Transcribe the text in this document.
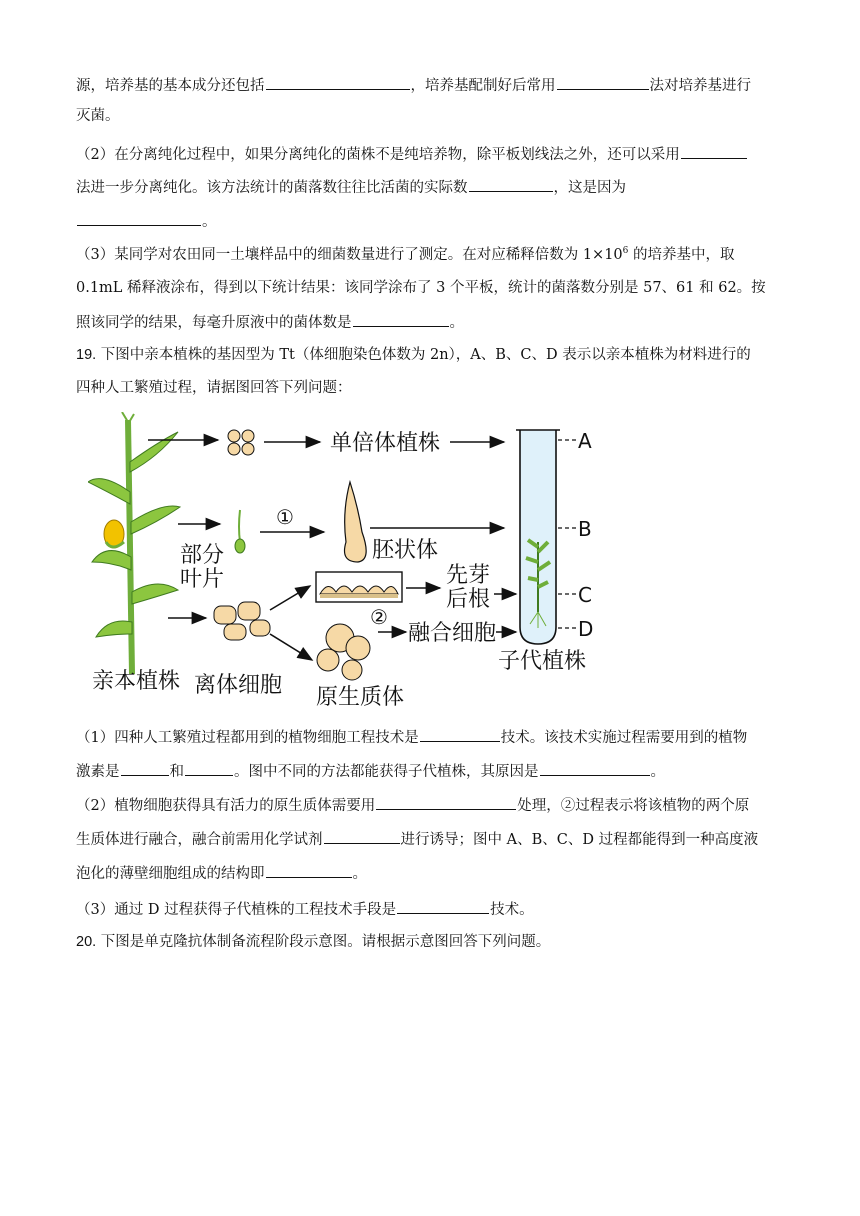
源，培养基的基本成分还包括	，培养基配制好后常用	法对培养基进行
灭菌。
（2）在分离纯化过程中，如果分离纯化的菌株不是纯培养物，除平板划线法之外，还可以采用
法进一步分离纯化。该方法统计的菌落数往往比活菌的实际数	，这是因为
。
（3）某同学对农田同一土壤样品中的细菌数量进行了测定。在对应稀释倍数为 $1\times 10^6$ 的培养基中，取
0.1mL 稀释液涂布，得到以下统计结果：该同学涂布了 3 个平板，统计的菌落数分别是 57、61 和 62。按
照该同学的结果，每毫升原液中的菌体数是	。
19. 下图中亲本植株的基因型为 Tt（体细胞染色体数为 2n），A、B、C、D 表示以亲本植株为材料进行的
四种人工繁殖过程，请据图回答下列问题：
单倍体植株
部分
叶片
①
胚状体
先芽
后根
②
融合细胞
离体细胞
亲本植株
原生质体
A
B
C
D
子代植株
（1）四种人工繁殖过程都用到的植物细胞工程技术是	技术。该技术实施过程需要用到的植物
激素是	和	。图中不同的方法都能获得子代植株，其原因是	。
（2）植物细胞获得具有活力的原生质体需要用	处理，②过程表示将该植物的两个原
生质体进行融合，融合前需用化学试剂	进行诱导；图中 A、B、C、D 过程都能得到一种高度液
泡化的薄壁细胞组成的结构即	。
（3）通过 D 过程获得子代植株的工程技术手段是	技术。
20. 下图是单克隆抗体制备流程阶段示意图。请根据示意图回答下列问题。
